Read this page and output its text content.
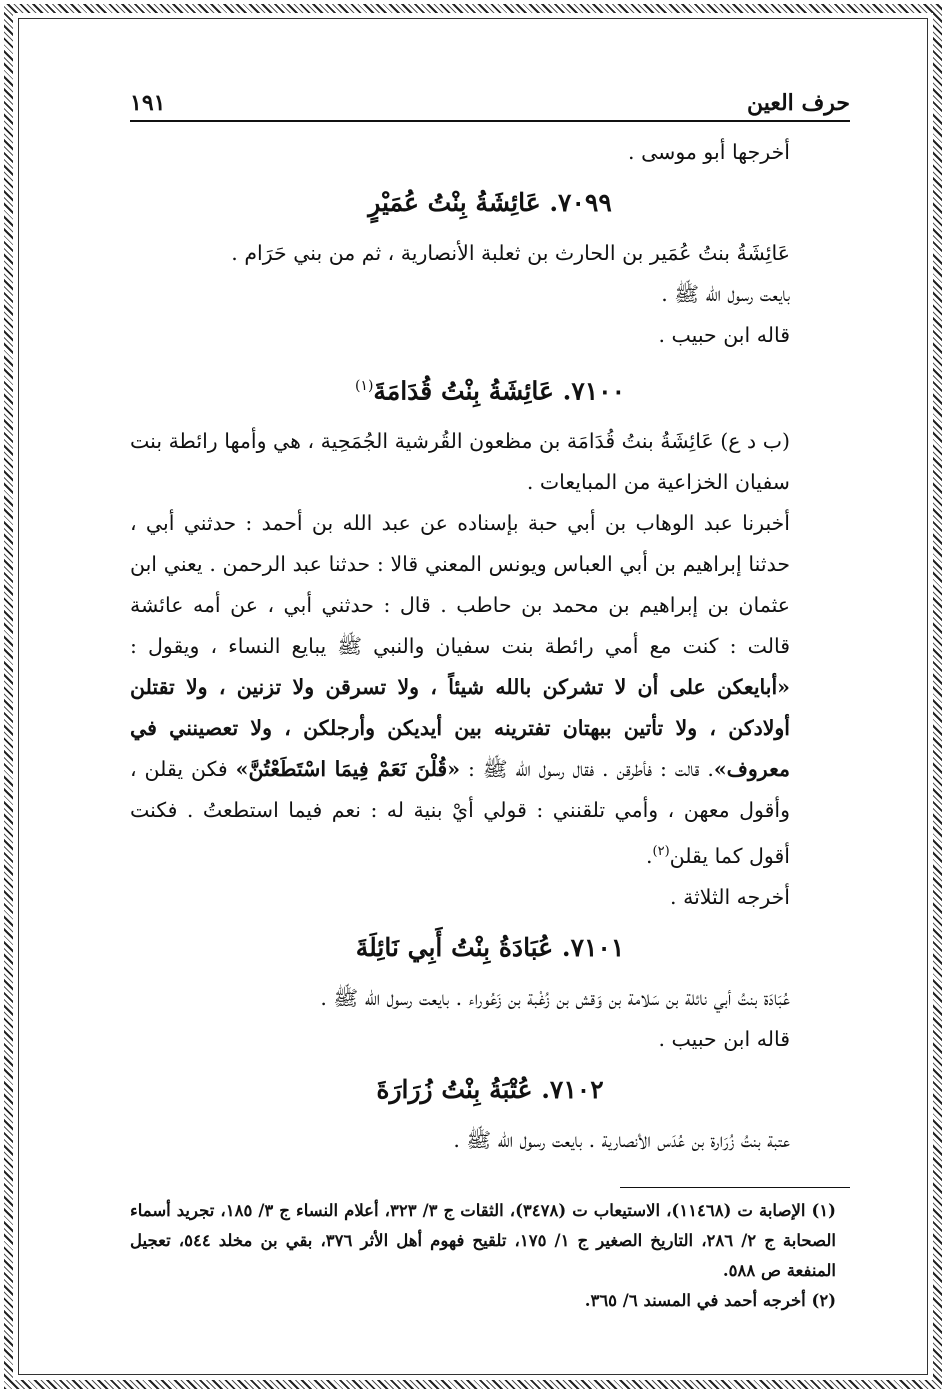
حرف العين
١٩١

أخرجها أبو موسى .

٧٠٩٩. عَائِشَةُ بِنْتُ عُمَيْرٍ

عَائِشَةُ بنتُ عُمَير بن الحارث بن ثعلبة الأنصارية ، ثم من بني حَرَام .

بايعت رسول الله ﷺ .

قاله ابن حبيب .

٧١٠٠. عَائِشَةُ بِنْتُ قُدَامَةَ$^{(١)}$

(ب د ع) عَائِشَةُ بنتُ قُدَامَة بن مظعون القُرشية الجُمَحِية ، هي وأمها رائطة بنت سفيان الخزاعية من المبايعات .

أخبرنا عبد الوهاب بن أبي حبة بإسناده عن عبد الله بن أحمد : حدثني أبي ، حدثنا إبراهيم بن أبي العباس ويونس المعني قالا : حدثنا عبد الرحمن . يعني ابن عثمان بن إبراهيم بن محمد بن حاطب . قال : حدثني أبي ، عن أمه عائشة قالت : كنت مع أمي رائطة بنت سفيان والنبي ﷺ يبايع النساء ، ويقول : «أبايعكن على أن لا تشركن بالله شيئاً ، ولا تسرقن ولا تزنين ، ولا تقتلن أولادكن ، ولا تأتين ببهتان تفترينه بين أيديكن وأرجلكن ، ولا تعصينني في معروف». قالت : فأطرقن . فقال رسول الله ﷺ : «قُلْنَ نَعَمْ فِيمَا اسْتَطَعْتُنَّ» فكن يقلن ، وأقول معهن ، وأمي تلقنني : قولي أيْ بنية له : نعم فيما استطعتُ . فكنت أقول كما يقلن$^{(٢)}$.

أخرجه الثلاثة .

٧١٠١. عُبَادَةُ بِنْتُ أَبِي نَائِلَةَ

عُبَادَة بنتُ أبي نائلة بن سَلامة بن وَقش بن زُغْبة بن زَعُوراء . بايعت رسول الله ﷺ .

قاله ابن حبيب .

٧١٠٢. عُتْبَةُ بِنْتُ زُرَارَةَ

عتبة بنتُ زُرَارة بن عُدَس الأنصارية . بايعت رسول الله ﷺ .

(١) الإصابة ت (١١٤٦٨)، الاستيعاب ت (٣٤٧٨)، الثقات ج ٣/ ٣٢٣، أعلام النساء ج ٣/ ١٨٥، تجريد أسماء الصحابة ج ٢/ ٢٨٦، التاريخ الصغير ج ١/ ١٧٥، تلقيح فهوم أهل الأثر ٣٧٦، بقي بن مخلد ٥٤٤، تعجيل المنفعة ص ٥٨٨.

(٢) أخرجه أحمد في المسند ٦/ ٣٦٥.
